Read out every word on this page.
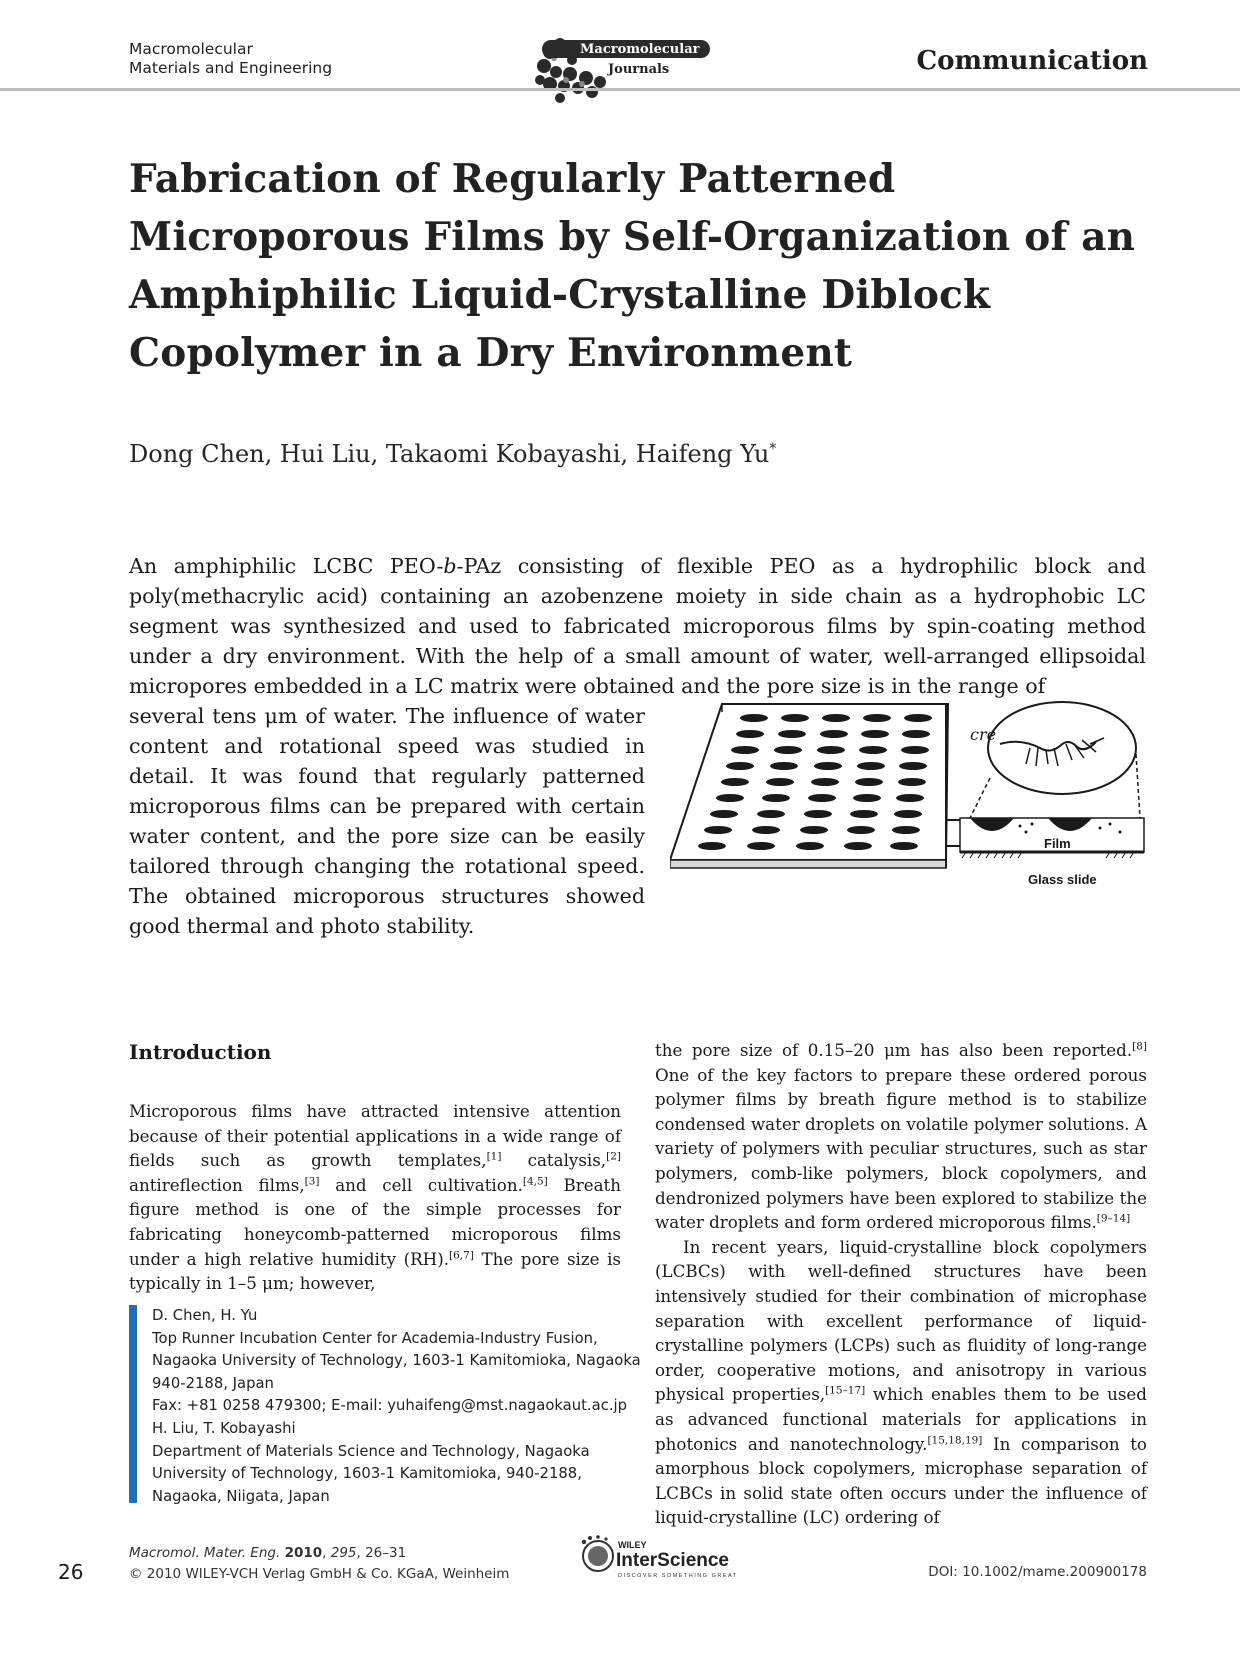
Macromolecular
Materials and Engineering
Macromolecular
Journals	Communication
Fabrication of Regularly Patterned
Microporous Films by Self-Organization of an
Amphiphilic Liquid-Crystalline Diblock
Copolymer in a Dry Environment
Dong Chen, Hui Liu, Takaomi Kobayashi, Haifeng Yu*

An amphiphilic LCBC PEO-b-PAz consisting of flexible PEO as a hydrophilic block and poly(methacrylic acid) containing an azobenzene moiety in side chain as a hydrophobic LC segment was synthesized and used to fabricated microporous films by spin-coating method under a dry environment. With the help of a small amount of water, well-arranged ellipsoidal micropores embedded in a LC matrix were obtained and the pore size is in the range of

several tens μm of water. The influence of water content and rotational speed was studied in detail. It was found that regularly patterned microporous films can be prepared with certain water content, and the pore size can be easily tailored through changing the rotational speed. The obtained microporous structures showed good thermal and photo stability.

cre
Film
Glass slide
Introduction

Microporous films have attracted intensive attention because of their potential applications in a wide range of fields such as growth templates,[1] catalysis,[2] antireflection films,[3] and cell cultivation.[4,5] Breath figure method is one of the simple processes for fabricating honeycomb-patterned microporous films under a high relative humidity (RH).[6,7] The pore size is typically in 1–5 μm; however,

D. Chen, H. Yu
Top Runner Incubation Center for Academia-Industry Fusion,
Nagaoka University of Technology, 1603-1 Kamitomioka, Nagaoka
940-2188, Japan
Fax: +81 0258 479300; E-mail: yuhaifeng@mst.nagaokaut.ac.jp
H. Liu, T. Kobayashi
Department of Materials Science and Technology, Nagaoka
University of Technology, 1603-1 Kamitomioka, 940-2188,
Nagaoka, Niigata, Japan

the pore size of 0.15–20 μm has also been reported.[8] One of the key factors to prepare these ordered porous polymer films by breath figure method is to stabilize condensed water droplets on volatile polymer solutions. A variety of polymers with peculiar structures, such as star polymers, comb-like polymers, block copolymers, and dendronized polymers have been explored to stabilize the water droplets and form ordered microporous films.[9–14]

In recent years, liquid-crystalline block copolymers (LCBCs) with well-defined structures have been intensively studied for their combination of microphase separation with excellent performance of liquid-crystalline polymers (LCPs) such as fluidity of long-range order, cooperative motions, and anisotropy in various physical properties,[15–17] which enables them to be used as advanced functional materials for applications in photonics and nanotechnology.[15,18,19] In comparison to amorphous block copolymers, microphase separation of LCBCs in solid state often occurs under the influence of liquid-crystalline (LC) ordering of

26
Macromol. Mater. Eng. 2010, 295, 26–31
© 2010 WILEY-VCH Verlag GmbH & Co. KGaA, Weinheim
WILEY
InterScience
DISCOVER SOMETHING GREAT	DOI: 10.1002/mame.200900178
